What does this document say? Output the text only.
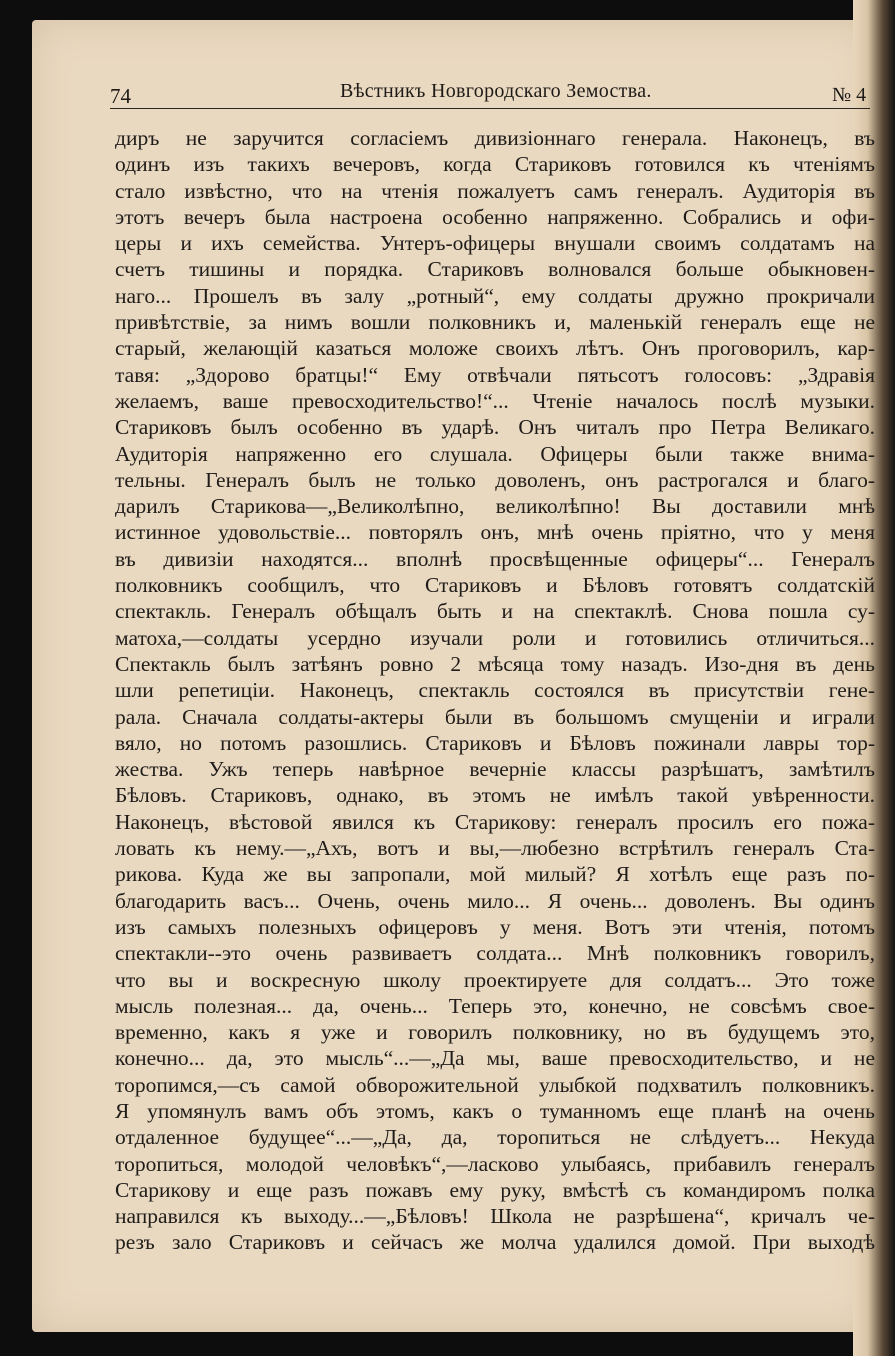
74	Вѣстникъ Новгородскаго Земоства.	№ 4
диръ не заручится согласіемъ дивизіоннаго генерала. Наконецъ, въ
одинъ изъ такихъ вечеровъ, когда Стариковъ готовился къ чтеніямъ
стало извѣстно, что на чтенія пожалуетъ самъ генералъ. Аудиторія въ
этотъ вечеръ была настроена особенно напряженно. Собрались и офи-
церы и ихъ семейства. Унтеръ-офицеры внушали своимъ солдатамъ на
счетъ тишины и порядка. Стариковъ волновался больше обыкновен-
наго... Прошелъ въ залу „ротный“, ему солдаты дружно прокричали
привѣтствіе, за нимъ вошли полковникъ и, маленькій генералъ еще не
старый, желающій казаться моложе своихъ лѣтъ. Онъ проговорилъ, кар-
тавя: „Здорово братцы!“ Ему отвѣчали пятьсотъ голосовъ: „Здравія
желаемъ, ваше превосходительство!“... Чтеніе началось послѣ музыки.
Стариковъ былъ особенно въ ударѣ. Онъ читалъ про Петра Великаго.
Аудиторія напряженно его слушала. Офицеры были также внима-
тельны. Генералъ былъ не только доволенъ, онъ растрогался и благо-
дарилъ Старикова—„Великолѣпно, великолѣпно! Вы доставили мнѣ
истинное удовольствіе... повторялъ онъ, мнѣ очень пріятно, что у меня
въ дивизіи находятся... вполнѣ просвѣщенные офицеры“... Генералъ
полковникъ сообщилъ, что Стариковъ и Бѣловъ готовятъ солдатскій
спектакль. Генералъ обѣщалъ быть и на спектаклѣ. Снова пошла су-
матоха,—солдаты усердно изучали роли и готовились отличиться...
Спектакль былъ затѣянъ ровно 2 мѣсяца тому назадъ. Изо-дня въ день
шли репетиціи. Наконецъ, спектакль состоялся въ присутствіи гене-
рала. Сначала солдаты-актеры были въ большомъ смущеніи и играли
вяло, но потомъ разошлись. Стариковъ и Бѣловъ пожинали лавры тор-
жества. Ужъ теперь навѣрное вечерніе классы разрѣшатъ, замѣтилъ
Бѣловъ. Стариковъ, однако, въ этомъ не имѣлъ такой увѣренности.
Наконецъ, вѣстовой явился къ Старикову: генералъ просилъ его пожа-
ловать къ нему.—„Ахъ, вотъ и вы,—любезно встрѣтилъ генералъ Ста-
рикова. Куда же вы запропали, мой милый? Я хотѣлъ еще разъ по-
благодарить васъ... Очень, очень мило... Я очень... доволенъ. Вы одинъ
изъ самыхъ полезныхъ офицеровъ у меня. Вотъ эти чтенія, потомъ
спектакли--это очень развиваетъ солдата... Мнѣ полковникъ говорилъ,
что вы и воскресную школу проектируете для солдатъ... Это тоже
мысль полезная... да, очень... Теперь это, конечно, не совсѣмъ свое-
временно, какъ я уже и говорилъ полковнику, но въ будущемъ это,
конечно... да, это мысль“...—„Да мы, ваше превосходительство, и не
торопимся,—съ самой обворожительной улыбкой подхватилъ полковникъ.
Я упомянулъ вамъ объ этомъ, какъ о туманномъ еще планѣ на очень
отдаленное будущее“...—„Да, да, торопиться не слѣдуетъ... Некуда
торопиться, молодой человѣкъ“,—ласково улыбаясь, прибавилъ генералъ
Старикову и еще разъ пожавъ ему руку, вмѣстѣ съ командиромъ полка
направился къ выходу...—„Бѣловъ! Школа не разрѣшена“, кричалъ че-
резъ зало Стариковъ и сейчасъ же молча удалился домой. При выходѣ
